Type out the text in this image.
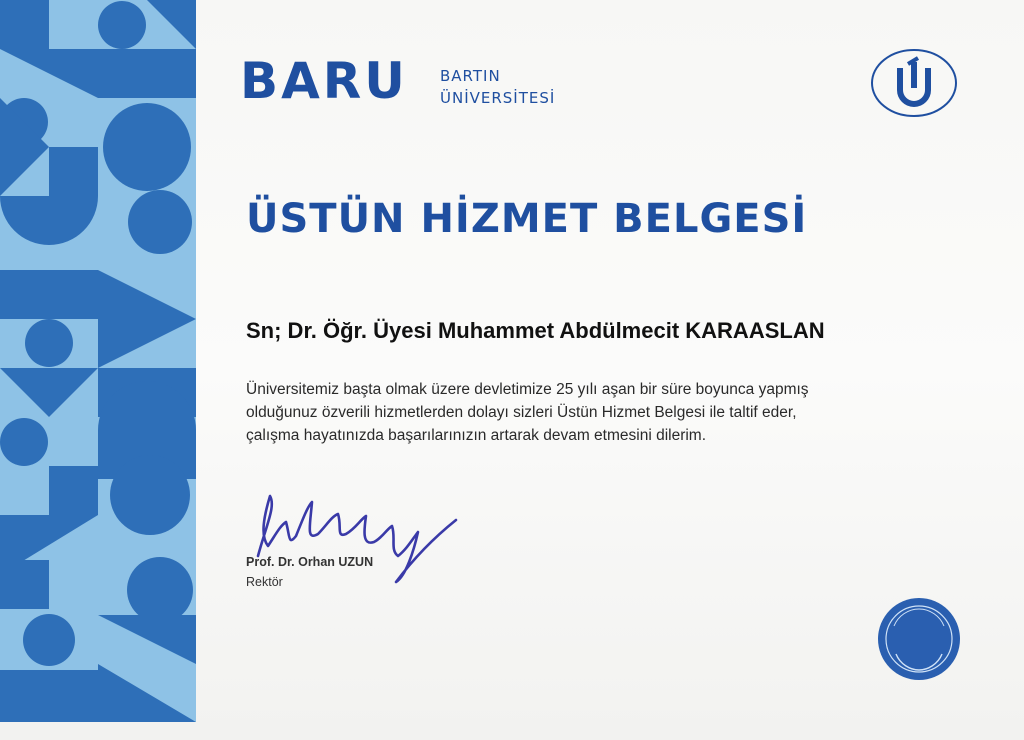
BARU BARTIN
ÜNİVERSİTESİ
ÜSTÜN HİZMET BELGESİ
Sn; Dr. Öğr. Üyesi Muhammet Abdülmecit KARAASLAN
Üniversitemiz başta olmak üzere devletimize 25 yılı aşan bir süre boyunca yapmış
olduğunuz özverili hizmetlerden dolayı sizleri Üstün Hizmet Belgesi ile taltif eder,
çalışma hayatınızda başarılarınızın artarak devam etmesini dilerim.
Prof. Dr. Orhan UZUN
Rektör
